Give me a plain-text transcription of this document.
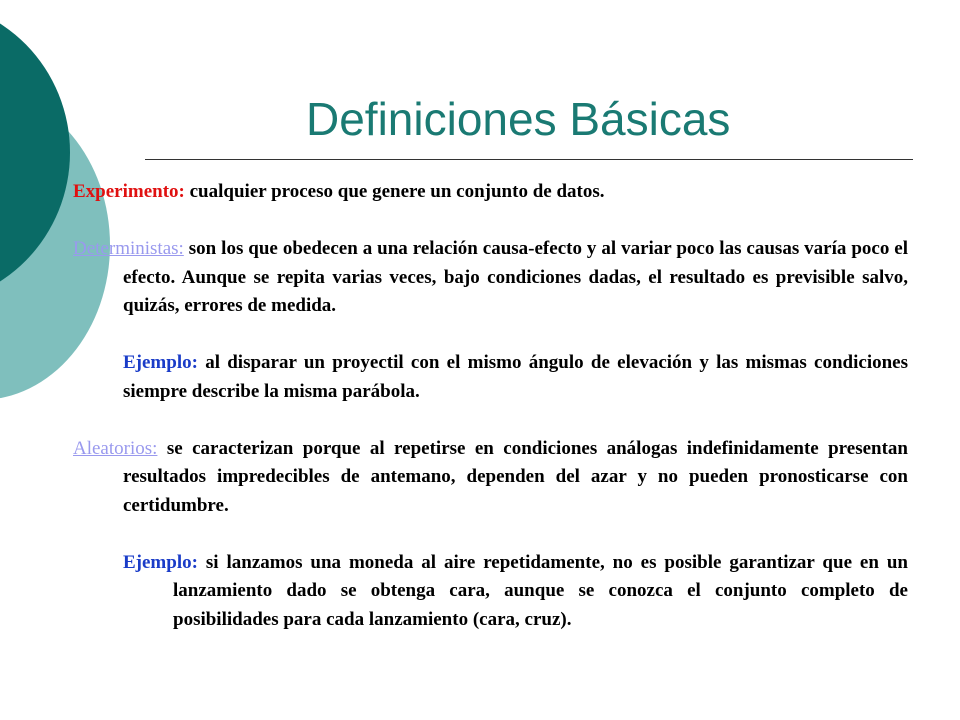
Definiciones Básicas

Experimento: cualquier proceso que genere un conjunto de datos.

Deterministas: son los que obedecen a una relación causa-efecto y al variar poco las causas varía poco el efecto. Aunque se repita varias veces, bajo condiciones dadas, el resultado es previsible salvo, quizás, errores de medida.

Ejemplo: al disparar un proyectil con el mismo ángulo de elevación y las mismas condiciones siempre describe la misma parábola.

Aleatorios: se caracterizan porque al repetirse en condiciones análogas indefinidamente presentan resultados impredecibles de antemano, dependen del azar y no pueden pronosticarse con certidumbre.

Ejemplo: si lanzamos una moneda al aire repetidamente, no es posible garantizar que en un lanzamiento dado se obtenga cara, aunque se conozca el conjunto completo de posibilidades para cada lanzamiento (cara, cruz).
